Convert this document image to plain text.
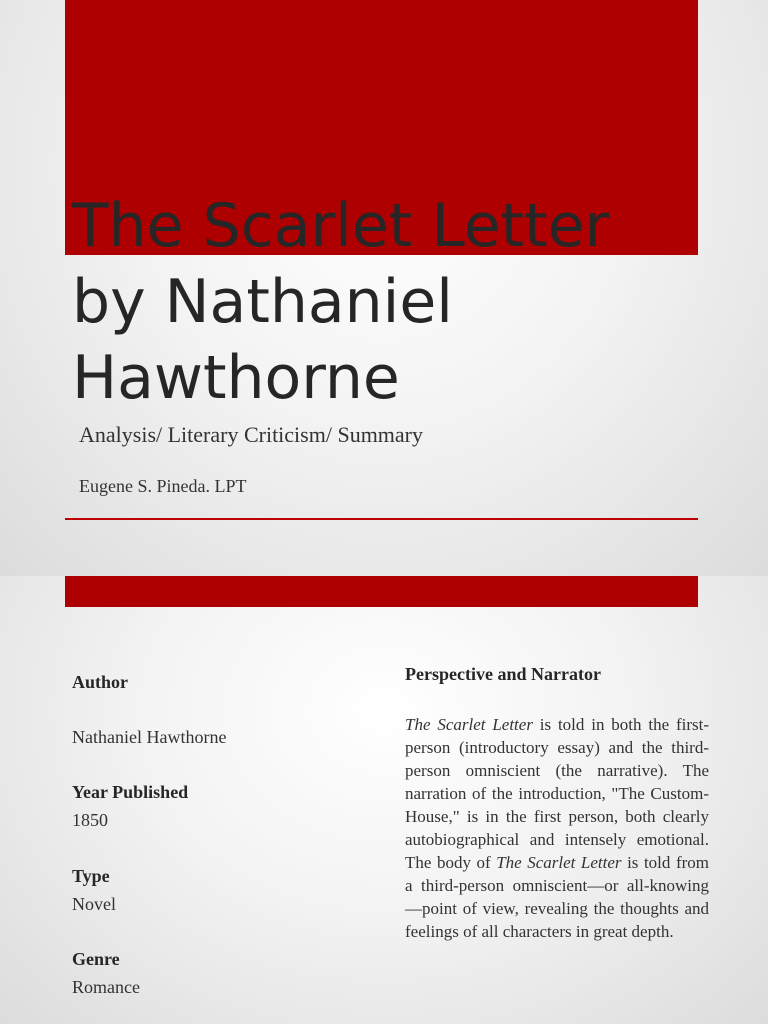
The Scarlet Letter
by Nathaniel
Hawthorne
Analysis/ Literary Criticism/ Summary
Eugene S. Pineda. LPT
Author
Nathaniel Hawthorne
Year Published
1850
Type
Novel
Genre
Romance

Perspective and Narrator

The Scarlet Letter is told in both the first-person (introductory essay) and the third-person omniscient (the narrative). The narration of the introduction, "The Custom-House," is in the first person, both clearly autobiographical and intensely emotional. The body of The Scarlet Letter is told from a third-person omniscient—or all-knowing—point of view, revealing the thoughts and feelings of all characters in great depth.
